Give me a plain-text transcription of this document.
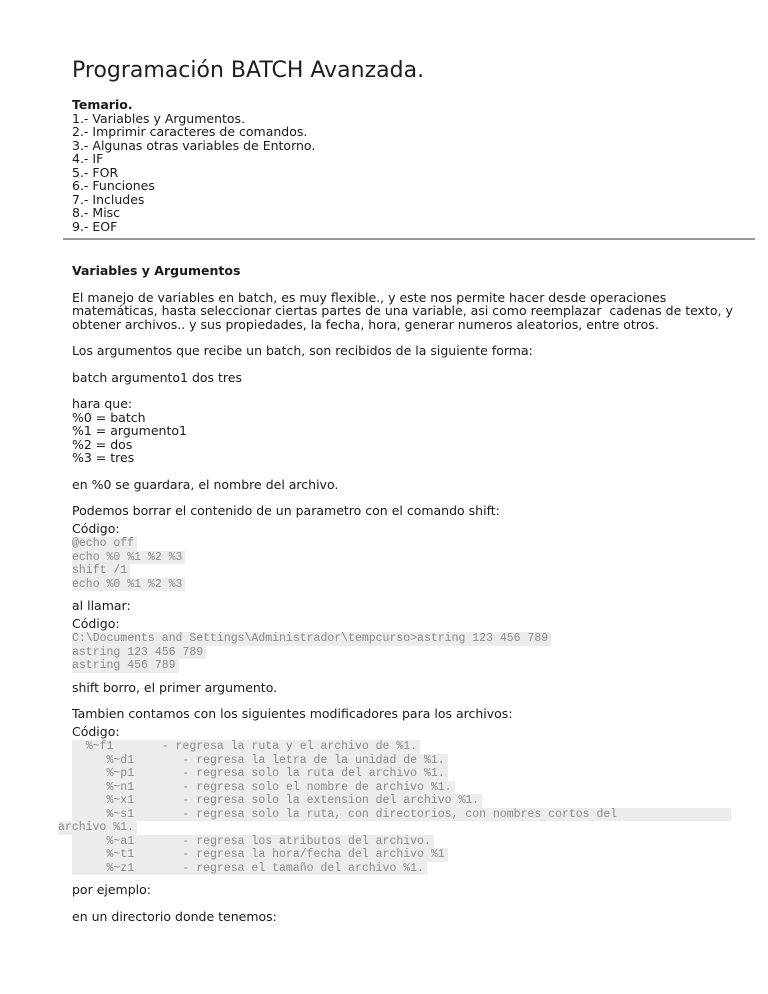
Programación BATCH Avanzada.
Temario.
1.- Variables y Argumentos.
2.- Imprimir caracteres de comandos.
3.- Algunas otras variables de Entorno.
4.- IF
5.- FOR
6.- Funciones
7.- Includes
8.- Misc
9.- EOF
Variables y Argumentos
El manejo de variables en batch, es muy flexible., y este nos permite hacer desde operaciones
matemáticas, hasta seleccionar ciertas partes de una variable, asi como reemplazar  cadenas de texto, y
obtener archivos.. y sus propiedades, la fecha, hora, generar numeros aleatorios, entre otros.
Los argumentos que recibe un batch, son recibidos de la siguiente forma:
batch argumento1 dos tres
hara que:
%0 = batch
%1 = argumento1
%2 = dos
%3 = tres
en %0 se guardara, el nombre del archivo.
Podemos borrar el contenido de un parametro con el comando shift:
Código:
@echo off
echo %0 %1 %2 %3
shift /1
echo %0 %1 %2 %3
al llamar:
Código:
C:\Documents and Settings\Administrador\tempcurso>astring 123 456 789
astring 123 456 789
astring 456 789
shift borro, el primer argumento.
Tambien contamos con los siguientes modificadores para los archivos:
Código:
%~f1       - regresa la ruta y el archivo de %1.
%~d1       - regresa la letra de la unidad de %1.
%~p1       - regresa solo la ruta del archivo %1.
%~n1       - regresa solo el nombre de archivo %1.
%~x1       - regresa solo la extension del archivo %1.
%~s1       - regresa solo la ruta, con directorios, con nombres cortos del
archivo %1.
%~a1       - regresa los atributos del archivo.
%~t1       - regresa la hora/fecha del archivo %1
%~z1       - regresa el tamaño del archivo %1.
por ejemplo:
en un directorio donde tenemos:
